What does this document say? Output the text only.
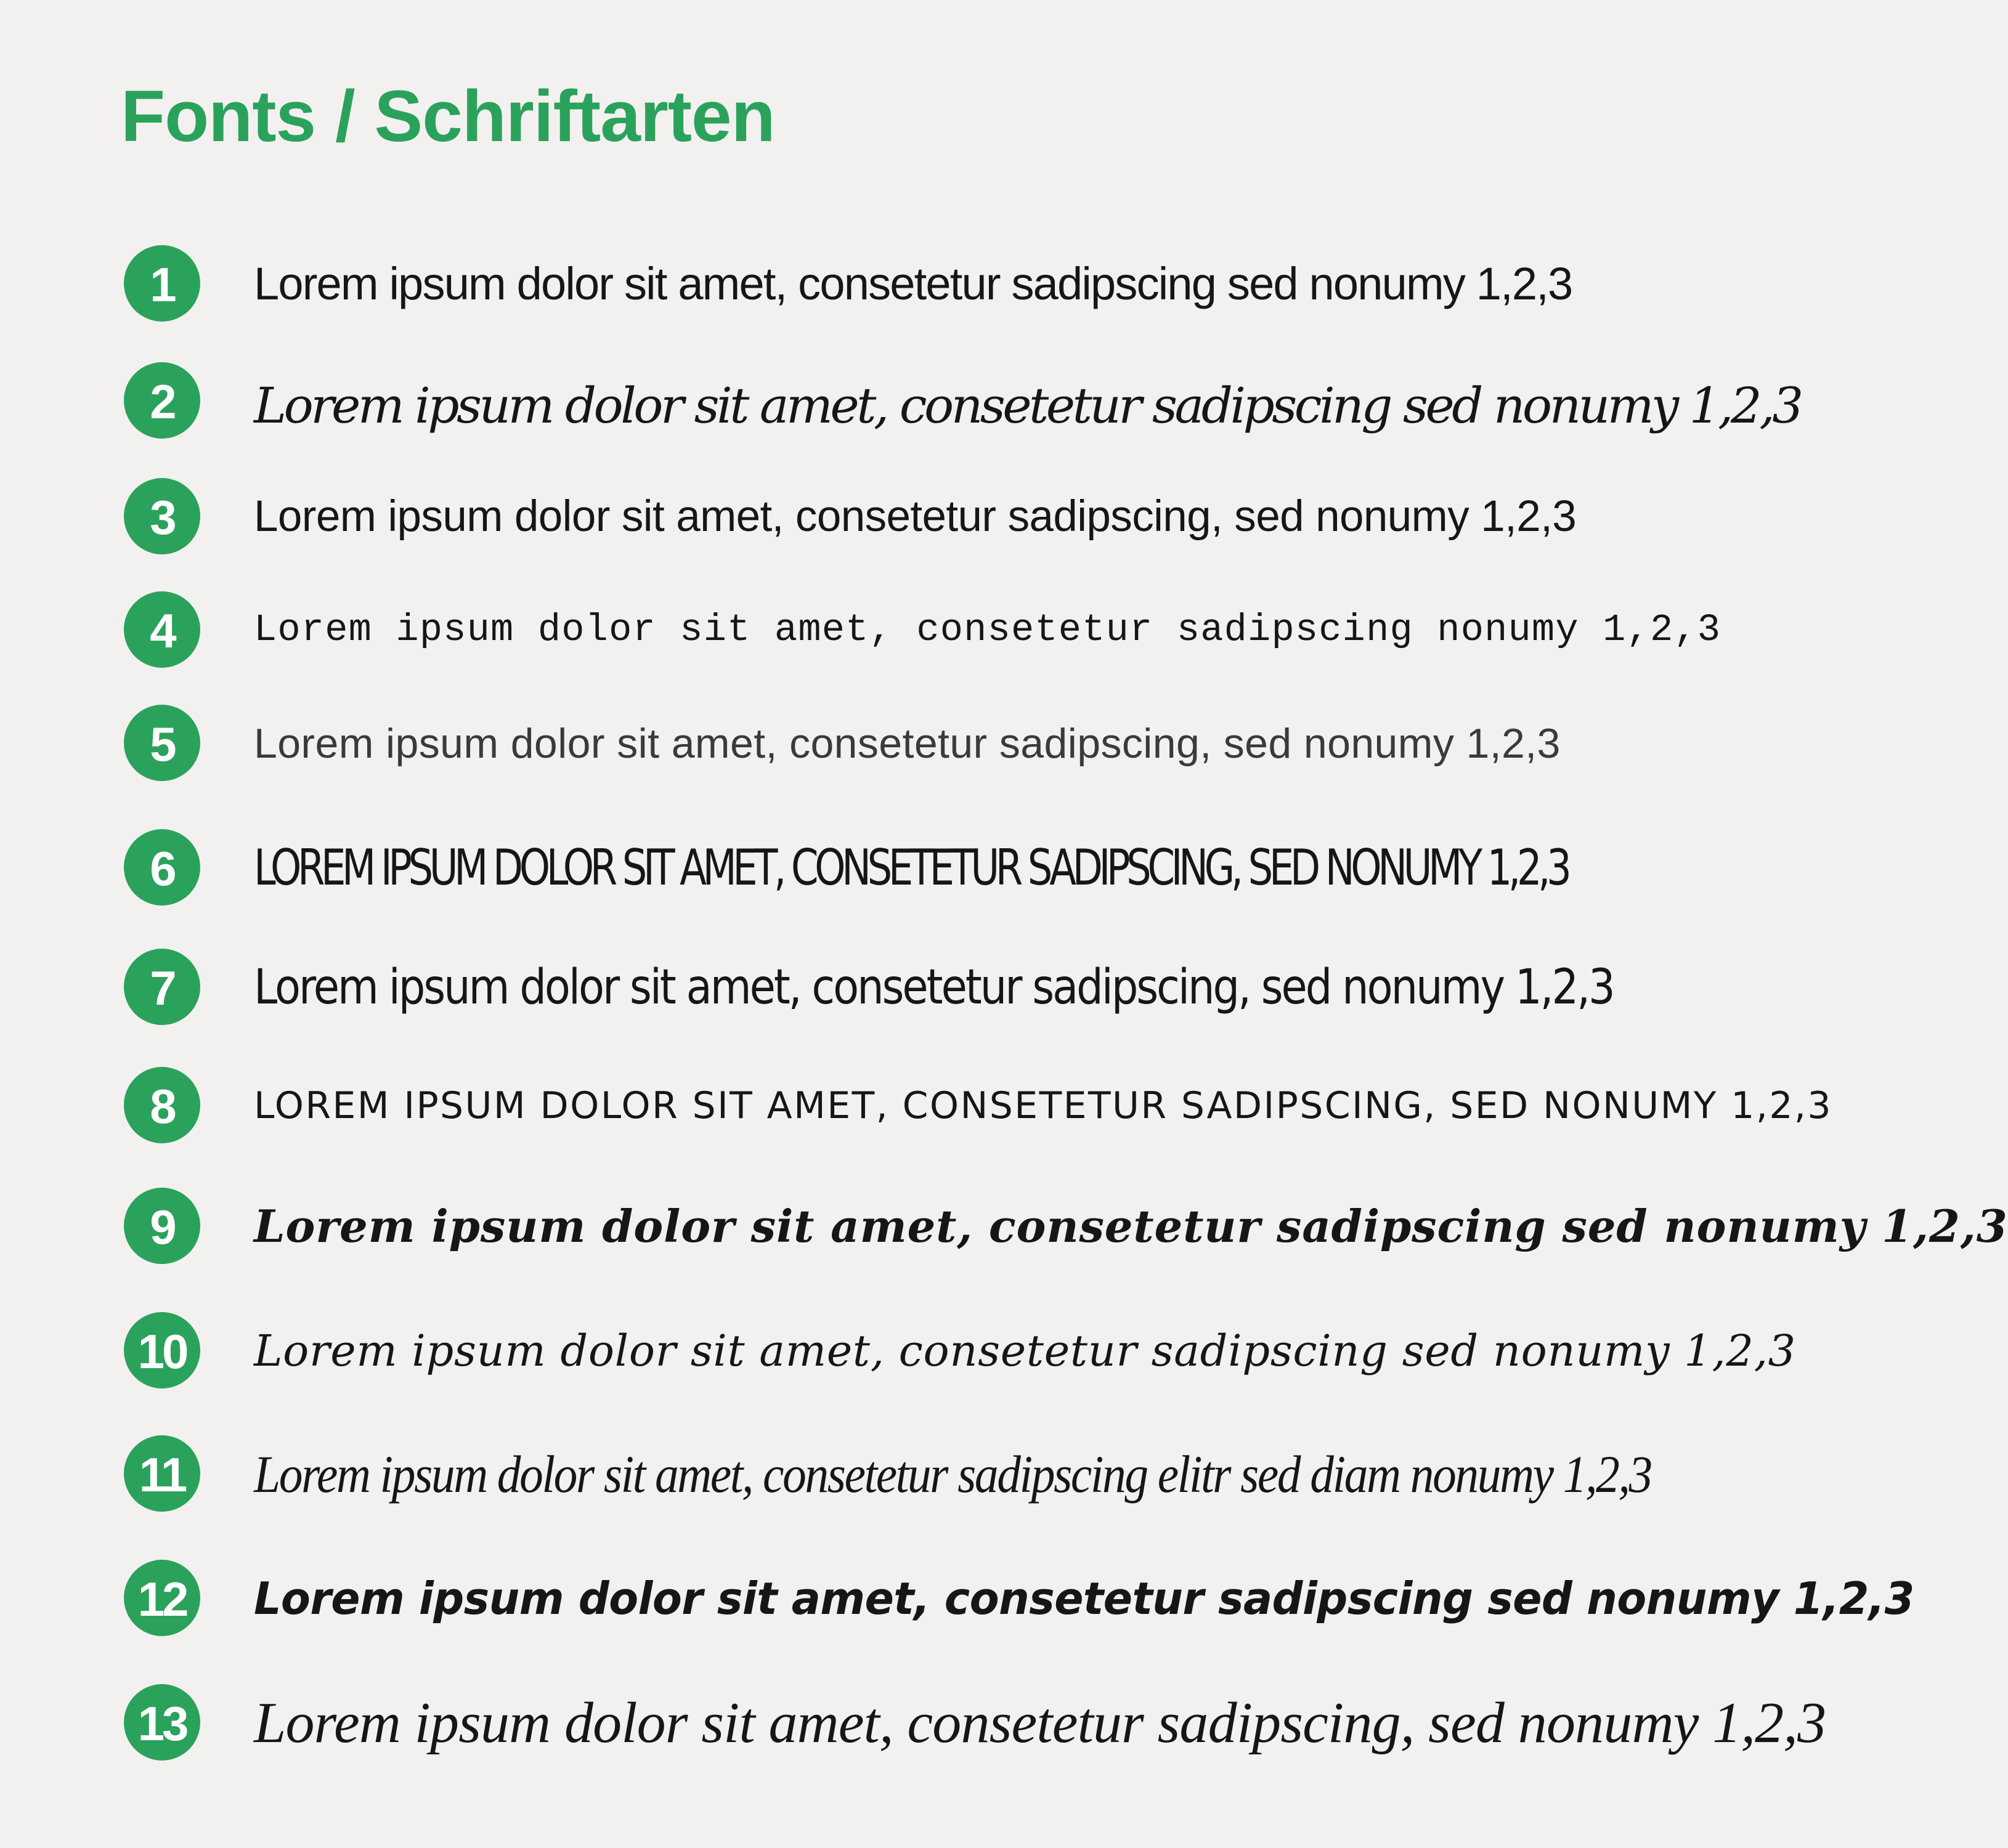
Fonts / Schriftarten
1	Lorem ipsum dolor sit amet, consetetur sadipscing sed nonumy 1,2,3
2	Lorem ipsum dolor sit amet, consetetur sadipscing sed nonumy 1,2,3
3	Lorem ipsum dolor sit amet, consetetur sadipscing, sed nonumy 1,2,3
4	Lorem ipsum dolor sit amet, consetetur sadipscing nonumy 1,2,3
5	Lorem ipsum dolor sit amet, consetetur sadipscing, sed nonumy 1,2,3
6	LOREM IPSUM DOLOR SIT AMET, CONSETETUR SADIPSCING, SED NONUMY 1,2,3
7	Lorem ipsum dolor sit amet, consetetur sadipscing, sed nonumy 1,2,3
8	LOREM IPSUM DOLOR SIT AMET, CONSETETUR SADIPSCING, SED NONUMY 1,2,3
9	Lorem ipsum dolor sit amet, consetetur sadipscing sed nonumy 1,2,3
10	Lorem ipsum dolor sit amet, consetetur sadipscing sed nonumy 1,2,3
11 Lorem ipsum dolor sit amet, consetetur sadipscing elitr sed diam nonumy 1,2,3
12	Lorem ipsum dolor sit amet, consetetur sadipscing sed nonumy 1,2,3
13 Lorem ipsum dolor sit amet, consetetur sadipscing, sed nonumy 1,2,3
